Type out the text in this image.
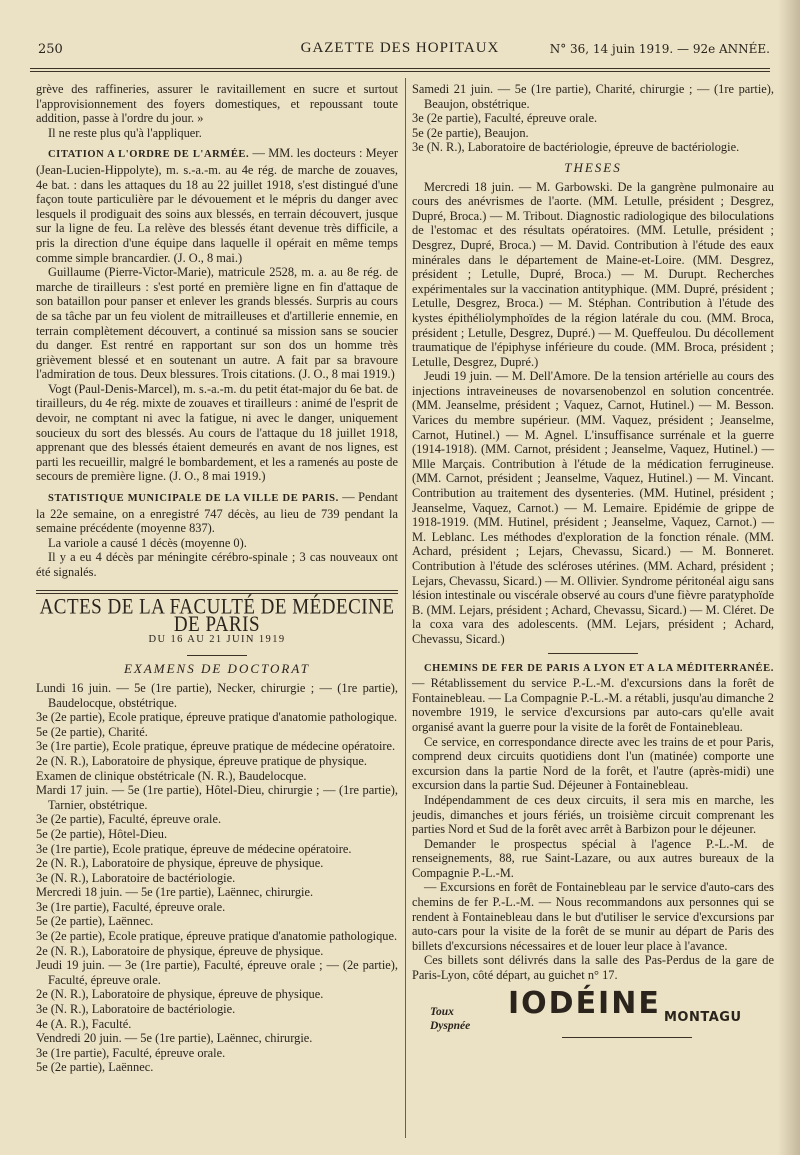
250	GAZETTE DES HOPITAUX	N° 36, 14 juin 1919. — 92e ANNÉE.

grève des raffineries, assurer le ravitaillement en sucre et surtout l'approvisionnement des foyers domestiques, et repoussant toute addition, passe à l'ordre du jour. »

Il ne reste plus qu'à l'appliquer.

CITATION A L'ORDRE DE L'ARMÉE. — MM. les docteurs : Meyer (Jean-Lucien-Hippolyte), m. s.-a.-m. au 4e rég. de marche de zouaves, 4e bat. : dans les attaques du 18 au 22 juillet 1918, s'est distingué d'une façon toute particulière par le dévouement et le mépris du danger avec lesquels il prodiguait des soins aux blessés, en terrain découvert, jusque sur la ligne de feu. La relève des blessés étant devenue très difficile, a pris la direction d'une équipe dans laquelle il opérait en même temps comme simple brancardier. (J. O., 8 mai.)

Guillaume (Pierre-Victor-Marie), matricule 2528, m. a. au 8e rég. de marche de tirailleurs : s'est porté en première ligne en fin d'attaque de son bataillon pour panser et enlever les grands blessés. Surpris au cours de sa tâche par un feu violent de mitrailleuses et d'artillerie ennemie, en terrain complètement découvert, a continué sa mission sans se soucier du danger. Est rentré en rapportant sur son dos un homme très grièvement blessé et en soutenant un autre. A fait par sa bravoure l'admiration de tous. Deux blessures. Trois citations. (J. O., 8 mai 1919.)

Vogt (Paul-Denis-Marcel), m. s.-a.-m. du petit état-major du 6e bat. de tirailleurs, du 4e rég. mixte de zouaves et tirailleurs : animé de l'esprit de devoir, ne comptant ni avec la fatigue, ni avec le danger, uniquement soucieux du sort des blessés. Au cours de l'attaque du 18 juillet 1918, apprenant que des blessés étaient demeurés en avant de nos lignes, est parti les recueillir, malgré le bombardement, et les a ramenés au poste de secours de première ligne. (J. O., 8 mai 1919.)

STATISTIQUE MUNICIPALE DE LA VILLE DE PARIS. — Pendant la 22e semaine, on a enregistré 747 décès, au lieu de 739 pendant la semaine précédente (moyenne 837).

La variole a causé 1 décès (moyenne 0).

Il y a eu 4 décès par méningite cérébro-spinale ; 3 cas nouveaux ont été signalés.

ACTES DE LA FACULTÉ DE MÉDECINE DE PARIS
DU 16 AU 21 JUIN 1919
EXAMENS DE DOCTORAT

Lundi 16 juin. — 5e (1re partie), Necker, chirurgie ; — (1re partie), Baudelocque, obstétrique.

3e (2e partie), Ecole pratique, épreuve pratique d'anatomie pathologique.

5e (2e partie), Charité.

3e (1re partie), Ecole pratique, épreuve pratique de médecine opératoire.

2e (N. R.), Laboratoire de physique, épreuve pratique de physique.

Examen de clinique obstétricale (N. R.), Baudelocque.

Mardi 17 juin. — 5e (1re partie), Hôtel-Dieu, chirurgie ; — (1re partie), Tarnier, obstétrique.

3e (2e partie), Faculté, épreuve orale.

5e (2e partie), Hôtel-Dieu.

3e (1re partie), Ecole pratique, épreuve de médecine opératoire.

2e (N. R.), Laboratoire de physique, épreuve de physique.

3e (N. R.), Laboratoire de bactériologie.

Mercredi 18 juin. — 5e (1re partie), Laënnec, chirurgie.

3e (1re partie), Faculté, épreuve orale.

5e (2e partie), Laënnec.

3e (2e partie), Ecole pratique, épreuve pratique d'anatomie pathologique.

2e (N. R.), Laboratoire de physique, épreuve de physique.

Jeudi 19 juin. — 3e (1re partie), Faculté, épreuve orale ; — (2e partie), Faculté, épreuve orale.

2e (N. R.), Laboratoire de physique, épreuve de physique.

3e (N. R.), Laboratoire de bactériologie.

4e (A. R.), Faculté.

Vendredi 20 juin. — 5e (1re partie), Laënnec, chirurgie.

3e (1re partie), Faculté, épreuve orale.

5e (2e partie), Laënnec.

Samedi 21 juin. — 5e (1re partie), Charité, chirurgie ; — (1re partie), Beaujon, obstétrique.

3e (2e partie), Faculté, épreuve orale.

5e (2e partie), Beaujon.

3e (N. R.), Laboratoire de bactériologie, épreuve de bactériologie.

THESES

Mercredi 18 juin. — M. Garbowski. De la gangrène pulmonaire au cours des anévrismes de l'aorte. (MM. Letulle, président ; Desgrez, Dupré, Broca.) — M. Tribout. Diagnostic radiologique des biloculations de l'estomac et des résultats opératoires. (MM. Letulle, président ; Desgrez, Dupré, Broca.) — M. David. Contribution à l'étude des eaux minérales dans le département de Maine-et-Loire. (MM. Desgrez, président ; Letulle, Dupré, Broca.) — M. Durupt. Recherches expérimentales sur la vaccination antityphique. (MM. Dupré, président ; Letulle, Desgrez, Broca.) — M. Stéphan. Contribution à l'étude des kystes épithéliolymphoïdes de la région latérale du cou. (MM. Broca, président ; Letulle, Desgrez, Dupré.) — M. Queffeulou. Du décollement traumatique de l'épiphyse inférieure du coude. (MM. Broca, président ; Letulle, Desgrez, Dupré.)

Jeudi 19 juin. — M. Dell'Amore. De la tension artérielle au cours des injections intraveineuses de novarsenobenzol en solution concentrée. (MM. Jeanselme, président ; Vaquez, Carnot, Hutinel.) — M. Besson. Varices du membre supérieur. (MM. Vaquez, président ; Jeanselme, Carnot, Hutinel.) — M. Agnel. L'insuffisance surrénale et la guerre (1914-1918). (MM. Carnot, président ; Jeanselme, Vaquez, Hutinel.) — Mlle Marçais. Contribution à l'étude de la médication ferrugineuse. (MM. Carnot, président ; Jeanselme, Vaquez, Hutinel.) — M. Vincant. Contribution au traitement des dysenteries. (MM. Hutinel, président ; Jeanselme, Vaquez, Carnot.) — M. Lemaire. Epidémie de grippe de 1918-1919. (MM. Hutinel, président ; Jeanselme, Vaquez, Carnot.) — M. Leblanc. Les méthodes d'exploration de la fonction rénale. (MM. Achard, président ; Lejars, Chevassu, Sicard.) — M. Bonneret. Contribution à l'étude des scléroses utérines. (MM. Achard, président ; Lejars, Chevassu, Sicard.) — M. Ollivier. Syndrome péritonéal aigu sans lésion intestinale ou viscérale observé au cours d'une fièvre paratyphoïde B. (MM. Lejars, président ; Achard, Chevassu, Sicard.) — M. Cléret. De la coxa vara des adolescents. (MM. Lejars, président ; Achard, Chevassu, Sicard.)

CHEMINS DE FER DE PARIS A LYON ET A LA MÉDITERRANÉE. — Rétablissement du service P.-L.-M. d'excursions dans la forêt de Fontainebleau. — La Compagnie P.-L.-M. a rétabli, jusqu'au dimanche 2 novembre 1919, le service d'excursions par auto-cars qu'elle avait organisé avant la guerre pour la visite de la forêt de Fontainebleau.

Ce service, en correspondance directe avec les trains de et pour Paris, comprend deux circuits quotidiens dont l'un (matinée) comporte une excursion dans la partie Nord de la forêt, et l'autre (après-midi) une excursion dans la partie Sud. Déjeuner à Fontainebleau.

Indépendamment de ces deux circuits, il sera mis en marche, les jeudis, dimanches et jours fériés, un troisième circuit comprenant les parties Nord et Sud de la forêt avec arrêt à Barbizon pour le déjeuner.

Demander le prospectus spécial à l'agence P.-L.-M. de renseignements, 88, rue Saint-Lazare, ou aux autres bureaux de la Compagnie P.-L.-M.

— Excursions en forêt de Fontainebleau par le service d'auto-cars des chemins de fer P.-L.-M. — Nous recommandons aux personnes qui se rendent à Fontainebleau dans le but d'utiliser le service d'excursions par auto-cars pour la visite de la forêt de se munir au départ de Paris des billets d'excursions nécessaires et de louer leur place à l'avance.

Ces billets sont délivrés dans la salle des Pas-Perdus de la gare de Paris-Lyon, côté départ, au guichet n° 17.

Toux
Dyspnée
IODÉINE MONTAGU
